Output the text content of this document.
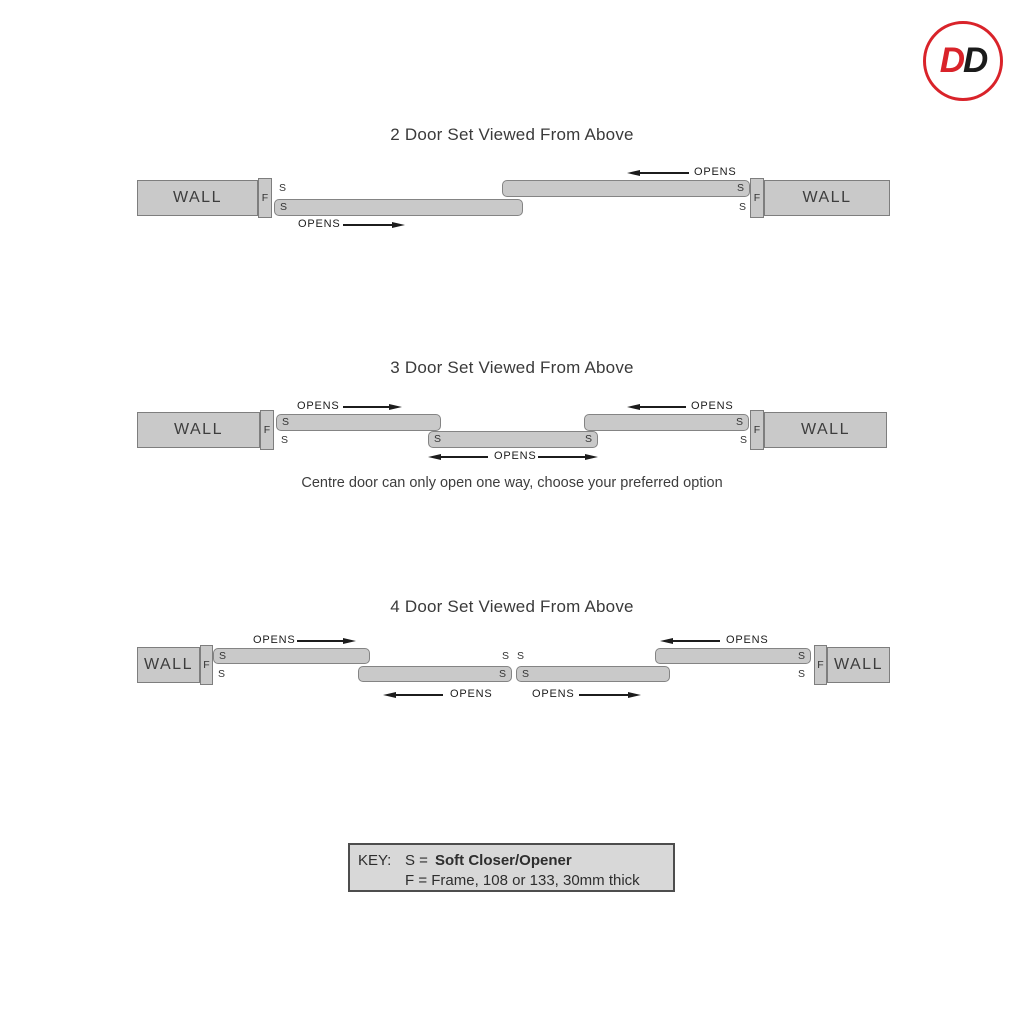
D D
2 Door Set Viewed From Above
WALL	F
S
S
OPENS
S
S
OPENS
F	WALL
3 Door Set Viewed From Above
OPENS	OPENS
WALL	F
S
S	S	S
OPENS
S
S
F	WALL
Centre door can only open one way, choose your preferred option
4 Door Set Viewed From Above
OPENS	OPENS
WALL F
S
S	S S
S S	S
S
F WALL
OPENS	OPENS
KEY: S = Soft Closer/Opener
F = Frame, 108 or 133, 30mm thick
